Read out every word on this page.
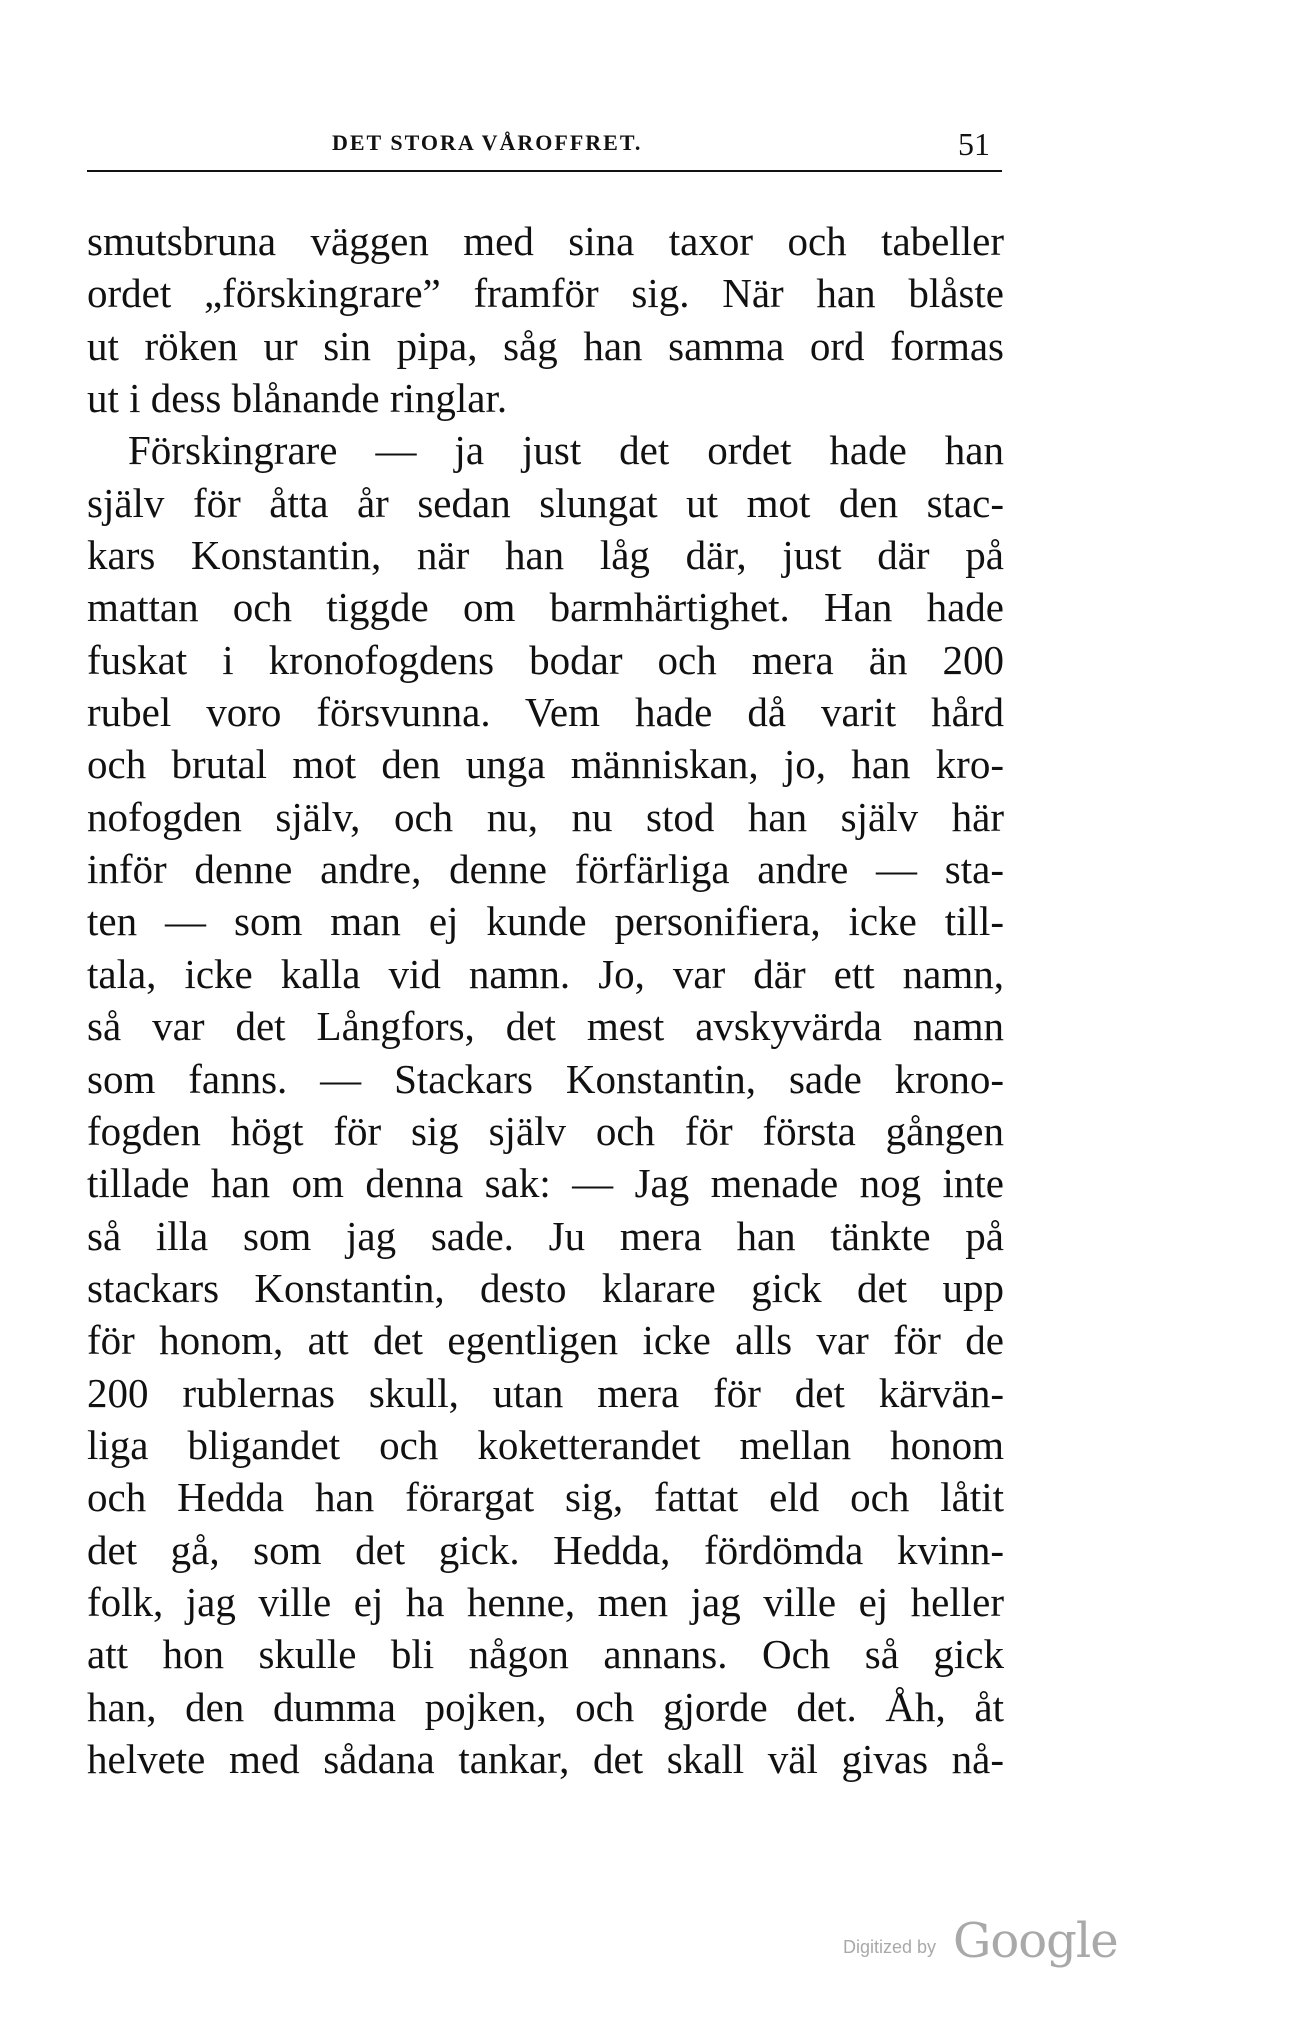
DET STORA VÅROFFRET.	51
smutsbruna väggen med sina taxor och tabeller
ordet „förskingrare” framför sig. När han blåste
ut röken ur sin pipa, såg han samma ord formas
ut i dess blånande ringlar.
Förskingrare — ja just det ordet hade han
själv för åtta år sedan slungat ut mot den stac-
kars Konstantin, när han låg där, just där på
mattan och tiggde om barmhärtighet. Han hade
fuskat i kronofogdens bodar och mera än 200
rubel voro försvunna. Vem hade då varit hård
och brutal mot den unga människan, jo, han kro-
nofogden själv, och nu, nu stod han själv här
inför denne andre, denne förfärliga andre — sta-
ten — som man ej kunde personifiera, icke till-
tala, icke kalla vid namn. Jo, var där ett namn,
så var det Långfors, det mest avskyvärda namn
som fanns. — Stackars Konstantin, sade krono-
fogden högt för sig själv och för första gången
tillade han om denna sak: — Jag menade nog inte
så illa som jag sade. Ju mera han tänkte på
stackars Konstantin, desto klarare gick det upp
för honom, att det egentligen icke alls var för de
200 rublernas skull, utan mera för det kärvän-
liga bligandet och koketterandet mellan honom
och Hedda han förargat sig, fattat eld och låtit
det gå, som det gick. Hedda, fördömda kvinn-
folk, jag ville ej ha henne, men jag ville ej heller
att hon skulle bli någon annans. Och så gick
han, den dumma pojken, och gjorde det. Åh, åt
helvete med sådana tankar, det skall väl givas nå-
Digitized by Google
